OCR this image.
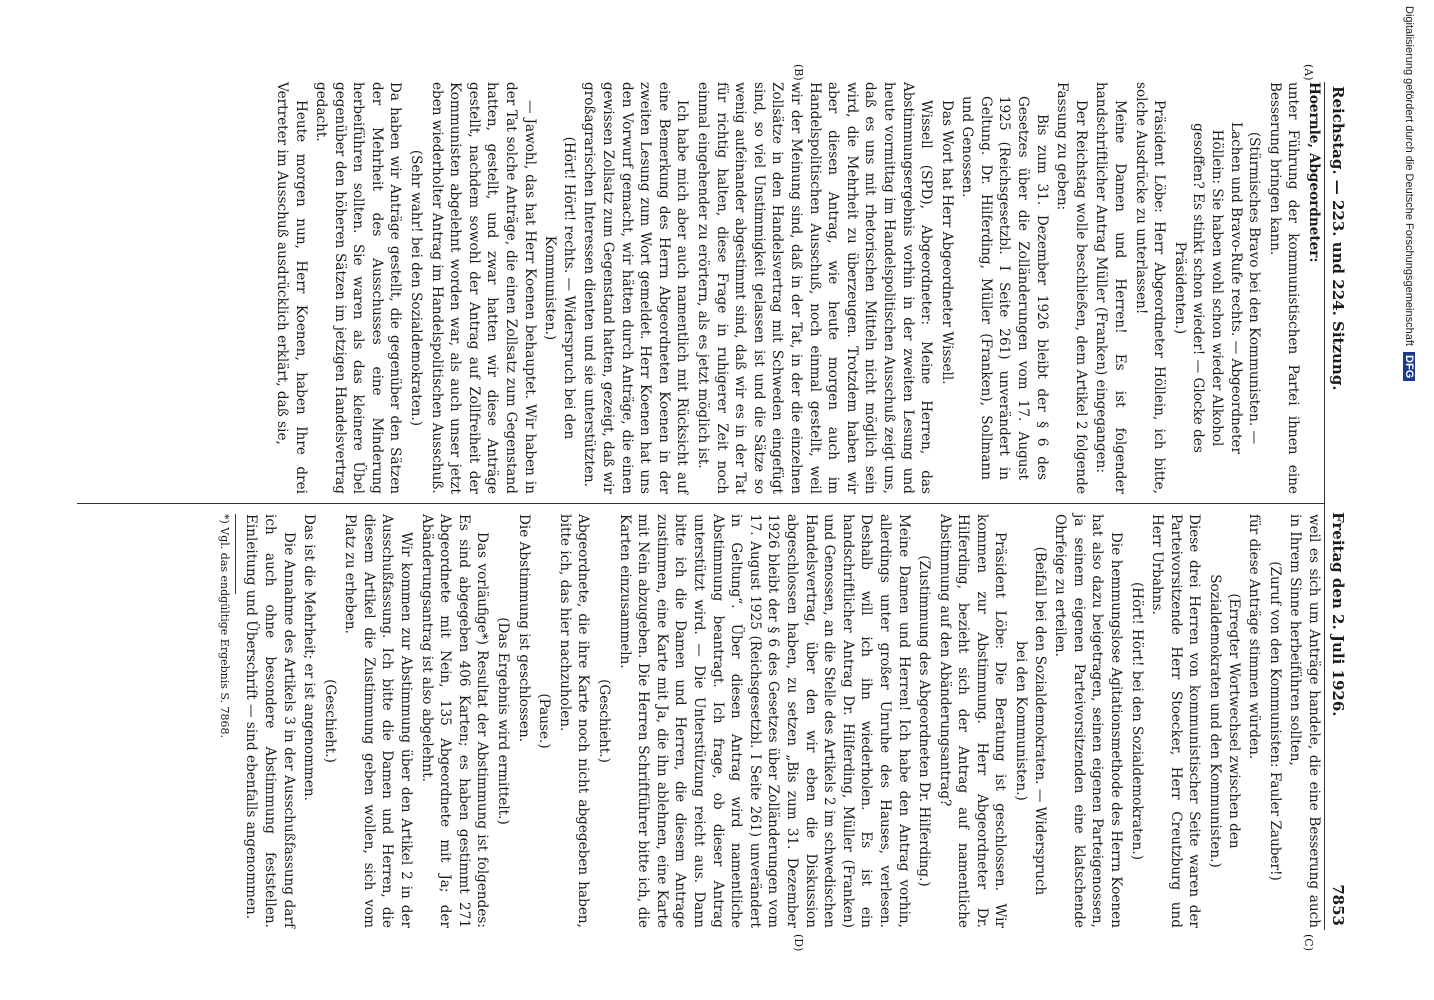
Reichstag. — 223. und 224. Sitzung.
Freitag den 2. Juli 1926.
7853
(A)
(B)
(C)
(D)

Hoernle, Abgeordneter:

unter Führung der kommunistischen Partei ihnen eine Besserung bringen kann.

(Stürmisches Bravo bei den Kommunisten. — Lachen und Bravo-Rufe rechts. — Abgeordneter Höllein: Sie haben wohl schon wieder Alkohol gesoffen? Es stinkt schon wieder! — Glocke des Präsidenten.)

Präsident Löbe: Herr Abgeordneter Höllein, ich bitte, solche Ausdrücke zu unterlassen!

Meine Damen und Herren! Es ist folgender handschriftlicher Antrag Müller (Franken) eingegangen:

Der Reichstag wolle beschließen, dem Artikel 2 folgende Fassung zu geben:

Bis zum 31. Dezember 1926 bleibt der § 6 des Gesetzes über die Zolländerungen vom 17. August 1925 (Reichsgesetzbl. I Seite 261) unverändert in Geltung. Dr. Hilferding, Müller (Franken), Sollmann und Genossen.

Das Wort hat Herr Abgeordneter Wissell.

Wissell (SPD), Abgeordneter: Meine Herren, das Abstimmungsergebnis vorhin in der zweiten Lesung und heute vormittag im Handelspolitischen Ausschuß zeigt uns, daß es uns mit rhetorischen Mitteln nicht möglich sein wird, die Mehrheit zu überzeugen. Trotzdem haben wir aber diesen Antrag, wie heute morgen auch im Handelspolitischen Ausschuß, noch einmal gestellt, weil wir der Meinung sind, daß in der Tat, in der die einzelnen Zollsätze in den Handelsvertrag mit Schweden eingefügt sind, so viel Unstimmigkeit gelassen ist und die Sätze so wenig aufeinander abgestimmt sind, daß wir es in der Tat für richtig halten, diese Frage in ruhigerer Zeit noch einmal eingehender zu erörtern, als es jetzt möglich ist.

Ich habe mich aber auch namentlich mit Rücksicht auf eine Bemerkung des Herrn Abgeordneten Koenen in der zweiten Lesung zum Wort gemeldet. Herr Koenen hat uns den Vorwurf gemacht, wir hätten durch Anträge, die einen gewissen Zollsatz zum Gegenstand hatten, gezeigt, daß wir großagrarischen Interessen dienten und sie unterstützten.

(Hört! Hört! rechts. — Widerspruch bei den Kommunisten.)

— Jawohl, das hat Herr Koenen behauptet. Wir haben in der Tat solche Anträge, die einen Zollsatz zum Gegenstand hatten, gestellt, und zwar hatten wir diese Anträge gestellt, nachdem sowohl der Antrag auf Zollfreiheit der Kommunisten abgelehnt worden war, als auch unser jetzt eben wiederholter Antrag im Handelspolitischen Ausschuß.

(Sehr wahr! bei den Sozialdemokraten.)

Da haben wir Anträge gestellt, die gegenüber den Sätzen der Mehrheit des Ausschusses eine Minderung herbeiführen sollten. Sie waren als das kleinere Übel gegenüber den höheren Sätzen im jetzigen Handelsvertrag gedacht.

Heute morgen nun, Herr Koenen, haben Ihre drei Vertreter im Ausschuß ausdrücklich erklärt, daß sie,

weil es sich um Anträge handele, die eine Besserung auch in Ihrem Sinne herbeiführen sollten,

(Zuruf von den Kommunisten: Fauler Zauber!)

für diese Anträge stimmen würden.

(Erregter Wortwechsel zwischen den Sozialdemokraten und den Kommunisten.)

Diese drei Herren von kommunistischer Seite waren der Parteivorsitzende Herr Stoecker, Herr Creutzburg und Herr Urbahns.

(Hört! Hört! bei den Sozialdemokraten.)

Die hemmungslose Agitationsmethode des Herrn Koenen hat also dazu beigetragen, seinen eigenen Parteigenossen, ja seinem eigenen Parteivorsitzenden eine klatschende Ohrfeige zu erteilen.

(Beifall bei den Sozialdemokraten. — Widerspruch bei den Kommunisten.)

Präsident Löbe: Die Beratung ist geschlossen. Wir kommen zur Abstimmung. Herr Abgeordneter Dr. Hilferding, bezieht sich der Antrag auf namentliche Abstimmung auf den Abänderungsantrag?

(Zustimmung des Abgeordneten Dr. Hilferding.)

Meine Damen und Herren! Ich habe den Antrag vorhin, allerdings unter großer Unruhe des Hauses, verlesen. Deshalb will ich ihn wiederholen. Es ist ein handschriftlicher Antrag Dr. Hilferding, Müller (Franken) und Genossen, an die Stelle des Artikels 2 im schwedischen Handelsvertrag, über den wir eben die Diskussion abgeschlossen haben, zu setzen „Bis zum 31. Dezember 1926 bleibt der § 6 des Gesetzes über Zolländerungen vom 17. August 1925 (Reichsgesetzbl. I Seite 261) unverändert in Geltung“. Über diesen Antrag wird namentliche Abstimmung beantragt. Ich frage, ob dieser Antrag unterstützt wird. — Die Unterstützung reicht aus. Dann bitte ich die Damen und Herren, die diesem Antrage zustimmen, eine Karte mit Ja, die ihn ablehnen, eine Karte mit Nein abzugeben. Die Herren Schriftführer bitte ich, die Karten einzusammeln.

(Geschieht.)

Abgeordnete, die ihre Karte noch nicht abgegeben haben, bitte ich, das hier nachzuholen.

(Pause.)

Die Abstimmung ist geschlossen.

(Das Ergebnis wird ermittelt.)

Das vorläufige*) Resultat der Abstimmung ist folgendes: Es sind abgegeben 406 Karten; es haben gestimmt 271 Abgeordnete mit Nein, 135 Abgeordnete mit Ja; der Abänderungsantrag ist also abgelehnt.

Wir kommen zur Abstimmung über den Artikel 2 in der Ausschußfassung. Ich bitte die Damen und Herren, die diesem Artikel die Zustimmung geben wollen, sich vom Platz zu erheben.

(Geschieht.)

Das ist die Mehrheit; er ist angenommen.

Die Annahme des Artikels 3 in der Ausschußfassung darf ich auch ohne besondere Abstimmung feststellen. Einleitung und Überschrift — sind ebenfalls angenommen.

*) Vgl. das endgültige Ergebnis S. 7868.

Digitalisierung gefördert durch die Deutsche Forschungsgemeinschaft DFG
